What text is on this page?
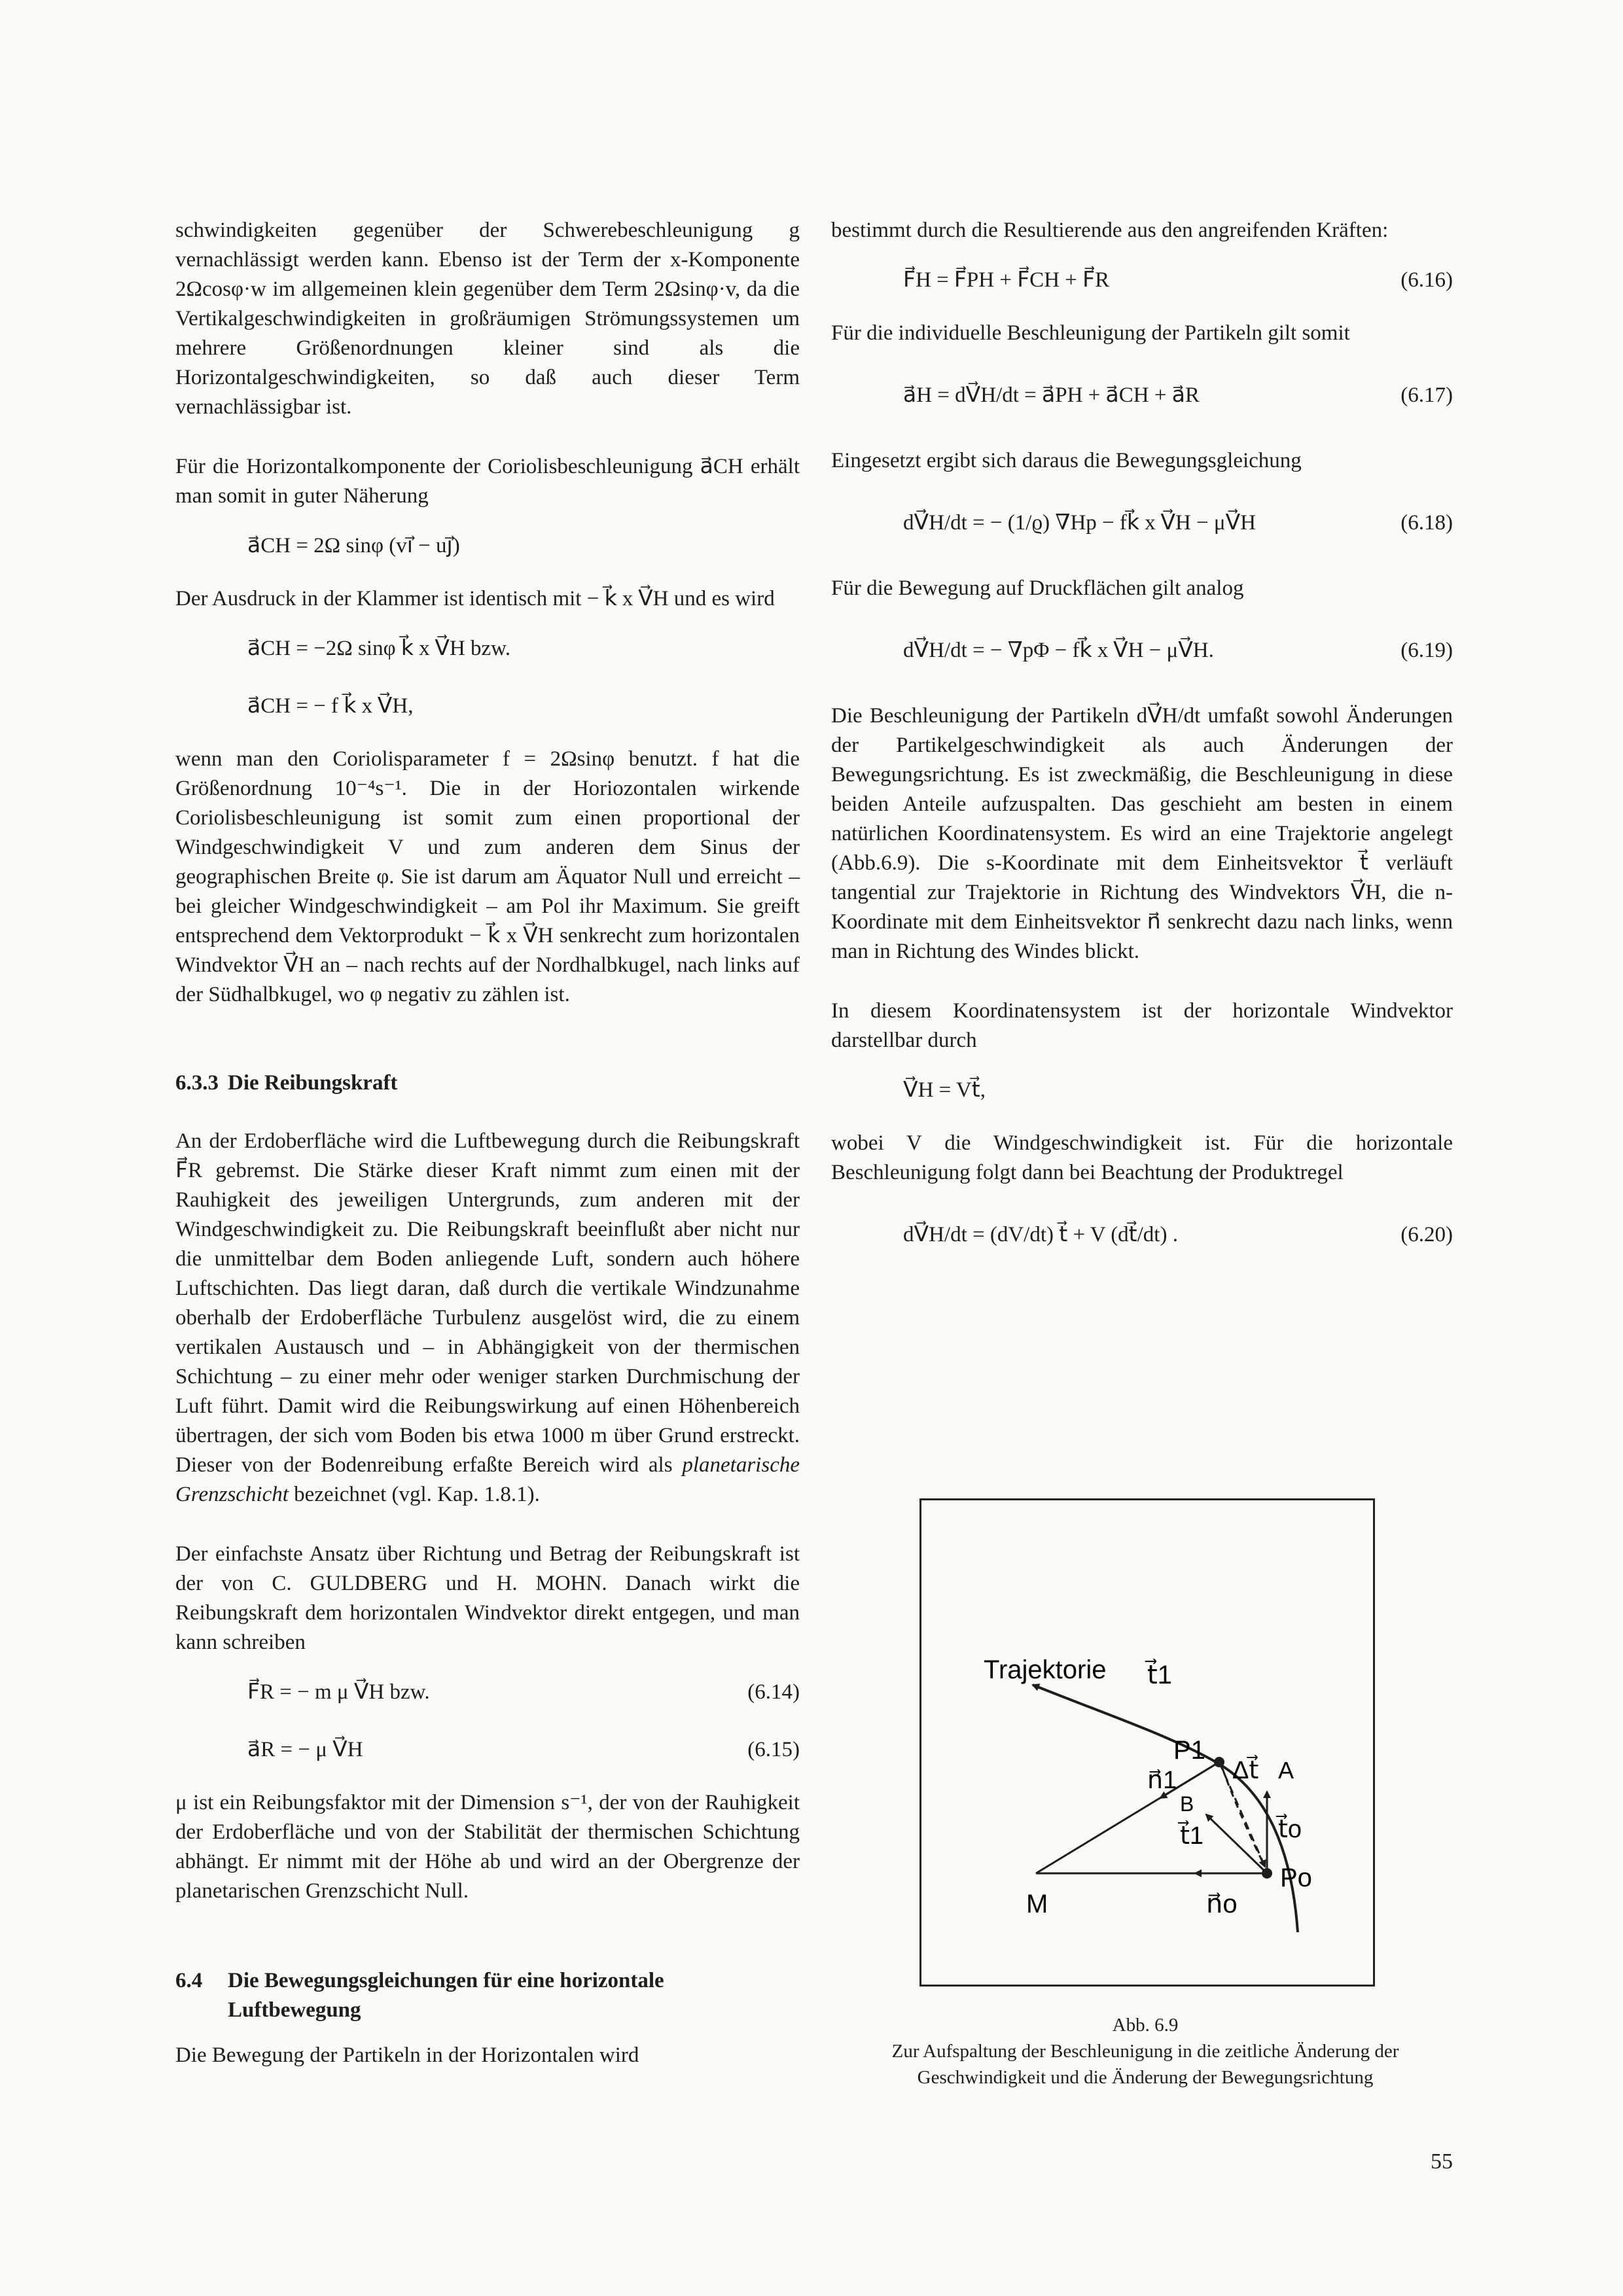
schwindigkeiten gegenüber der Schwerebeschleunigung g vernachlässigt werden kann. Ebenso ist der Term der x-Komponente 2Ωcosφ·w im allgemeinen klein gegenüber dem Term 2Ωsinφ·v, da die Vertikalgeschwindigkeiten in großräumigen Strömungssystemen um mehrere Größenordnungen kleiner sind als die Horizontalgeschwindigkeiten, so daß auch dieser Term vernachlässigbar ist.

Für die Horizontalkomponente der Coriolisbeschleunigung a⃗CH erhält man somit in guter Näherung

a⃗CH = 2Ω sinφ (vi⃗ − uj⃗)

Der Ausdruck in der Klammer ist identisch mit − k⃗ x V⃗H und es wird

a⃗CH = −2Ω sinφ k⃗ x V⃗H bzw.
a⃗CH = − f k⃗ x V⃗H,

wenn man den Coriolisparameter f = 2Ωsinφ benutzt. f hat die Größenordnung 10⁻⁴s⁻¹. Die in der Horiozontalen wirkende Coriolisbeschleunigung ist somit zum einen proportional der Windgeschwindigkeit V und zum anderen dem Sinus der geographischen Breite φ. Sie ist darum am Äquator Null und erreicht – bei gleicher Windgeschwindigkeit – am Pol ihr Maximum. Sie greift entsprechend dem Vektorprodukt − k⃗ x V⃗H senkrecht zum horizontalen Windvektor V⃗H an – nach rechts auf der Nordhalbkugel, nach links auf der Südhalbkugel, wo φ negativ zu zählen ist.

6.3.3 Die Reibungskraft

An der Erdoberfläche wird die Luftbewegung durch die Reibungskraft F⃗R gebremst. Die Stärke dieser Kraft nimmt zum einen mit der Rauhigkeit des jeweiligen Untergrunds, zum anderen mit der Windgeschwindigkeit zu. Die Reibungskraft beeinflußt aber nicht nur die unmittelbar dem Boden anliegende Luft, sondern auch höhere Luftschichten. Das liegt daran, daß durch die vertikale Windzunahme oberhalb der Erdoberfläche Turbulenz ausgelöst wird, die zu einem vertikalen Austausch und – in Abhängigkeit von der thermischen Schichtung – zu einer mehr oder weniger starken Durchmischung der Luft führt. Damit wird die Reibungswirkung auf einen Höhenbereich übertragen, der sich vom Boden bis etwa 1000 m über Grund erstreckt. Dieser von der Bodenreibung erfaßte Bereich wird als planetarische Grenzschicht bezeichnet (vgl. Kap. 1.8.1).

Der einfachste Ansatz über Richtung und Betrag der Reibungskraft ist der von C. GULDBERG und H. MOHN. Danach wirkt die Reibungskraft dem horizontalen Windvektor direkt entgegen, und man kann schreiben

F⃗R = − m μ V⃗H bzw.	(6.14)
a⃗R = − μ V⃗H	(6.15)

μ ist ein Reibungsfaktor mit der Dimension s⁻¹, der von der Rauhigkeit der Erdoberfläche und von der Stabilität der thermischen Schichtung abhängt. Er nimmt mit der Höhe ab und wird an der Obergrenze der planetarischen Grenzschicht Null.

6.4	Die Bewegungsgleichungen für eine horizontale Luftbewegung

Die Bewegung der Partikeln in der Horizontalen wird

bestimmt durch die Resultierende aus den angreifenden Kräften:

F⃗H = F⃗PH + F⃗CH + F⃗R	(6.16)

Für die individuelle Beschleunigung der Partikeln gilt somit

a⃗H = dV⃗H/dt = a⃗PH + a⃗CH + a⃗R	(6.17)

Eingesetzt ergibt sich daraus die Bewegungsgleichung

dV⃗H/dt = − (1/ϱ) ∇Hp − fk⃗ x V⃗H − μV⃗H	(6.18)

Für die Bewegung auf Druckflächen gilt analog

dV⃗H/dt = − ∇pΦ − fk⃗ x V⃗H − μV⃗H.	(6.19)

Die Beschleunigung der Partikeln dV⃗H/dt umfaßt sowohl Änderungen der Partikelgeschwindigkeit als auch Änderungen der Bewegungsrichtung. Es ist zweckmäßig, die Beschleunigung in diese beiden Anteile aufzuspalten. Das geschieht am besten in einem natürlichen Koordinatensystem. Es wird an eine Trajektorie angelegt (Abb.6.9). Die s-Koordinate mit dem Einheitsvektor t⃗ verläuft tangential zur Trajektorie in Richtung des Windvektors V⃗H, die n-Koordinate mit dem Einheitsvektor n⃗ senkrecht dazu nach links, wenn man in Richtung des Windes blickt.

In diesem Koordinatensystem ist der horizontale Windvektor darstellbar durch

V⃗H = Vt⃗,

wobei V die Windgeschwindigkeit ist. Für die horizontale Beschleunigung folgt dann bei Beachtung der Produktregel

dV⃗H/dt = (dV/dt) t⃗ + V (dt⃗/dt) .	(6.20)
Trajektorie t⃗1
P1
Δt⃗ A
n⃗1
B
t⃗1	t⃗o
M	n⃗o
Po
Abb. 6.9
Zur Aufspaltung der Beschleunigung in die zeitliche Änderung der Geschwindigkeit und die Änderung der Bewegungsrichtung
55
